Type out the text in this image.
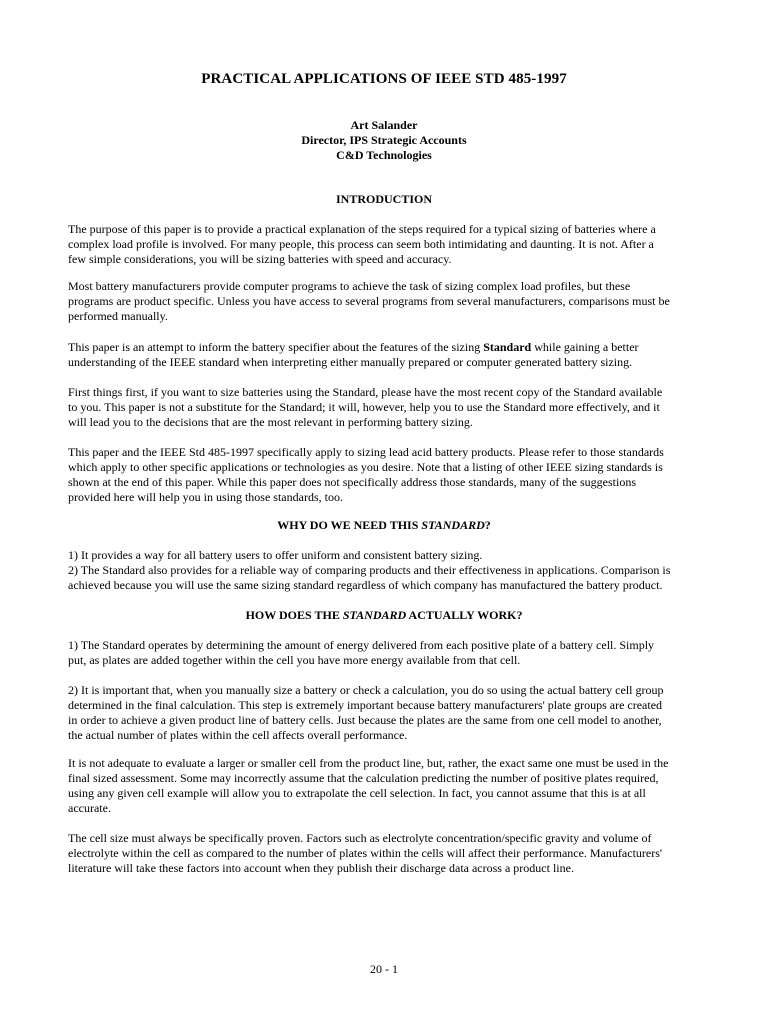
PRACTICAL APPLICATIONS OF IEEE STD 485-1997
Art Salander
Director, IPS Strategic Accounts
C&D Technologies
INTRODUCTION
The purpose of this paper is to provide a practical explanation of the steps required for a typical sizing of batteries where a
complex load profile is involved. For many people, this process can seem both intimidating and daunting. It is not. After a
few simple considerations, you will be sizing batteries with speed and accuracy.
Most battery manufacturers provide computer programs to achieve the task of sizing complex load profiles, but these
programs are product specific. Unless you have access to several programs from several manufacturers, comparisons must be
performed manually.
This paper is an attempt to inform the battery specifier about the features of the sizing Standard while gaining a better
understanding of the IEEE standard when interpreting either manually prepared or computer generated battery sizing.
First things first, if you want to size batteries using the Standard, please have the most recent copy of the Standard available
to you. This paper is not a substitute for the Standard; it will, however, help you to use the Standard more effectively, and it
will lead you to the decisions that are the most relevant in performing battery sizing.
This paper and the IEEE Std 485-1997 specifically apply to sizing lead acid battery products. Please refer to those standards
which apply to other specific applications or technologies as you desire. Note that a listing of other IEEE sizing standards is
shown at the end of this paper. While this paper does not specifically address those standards, many of the suggestions
provided here will help you in using those standards, too.
WHY DO WE NEED THIS STANDARD?
1) It provides a way for all battery users to offer uniform and consistent battery sizing.
2) The Standard also provides for a reliable way of comparing products and their effectiveness in applications. Comparison is
achieved because you will use the same sizing standard regardless of which company has manufactured the battery product.
HOW DOES THE STANDARD ACTUALLY WORK?
1) The Standard operates by determining the amount of energy delivered from each positive plate of a battery cell. Simply
put, as plates are added together within the cell you have more energy available from that cell.
2) It is important that, when you manually size a battery or check a calculation, you do so using the actual battery cell group
determined in the final calculation. This step is extremely important because battery manufacturers' plate groups are created
in order to achieve a given product line of battery cells. Just because the plates are the same from one cell model to another,
the actual number of plates within the cell affects overall performance.
It is not adequate to evaluate a larger or smaller cell from the product line, but, rather, the exact same one must be used in the
final sized assessment. Some may incorrectly assume that the calculation predicting the number of positive plates required,
using any given cell example will allow you to extrapolate the cell selection. In fact, you cannot assume that this is at all
accurate.
The cell size must always be specifically proven. Factors such as electrolyte concentration/specific gravity and volume of
electrolyte within the cell as compared to the number of plates within the cells will affect their performance. Manufacturers'
literature will take these factors into account when they publish their discharge data across a product line.
20 - 1
